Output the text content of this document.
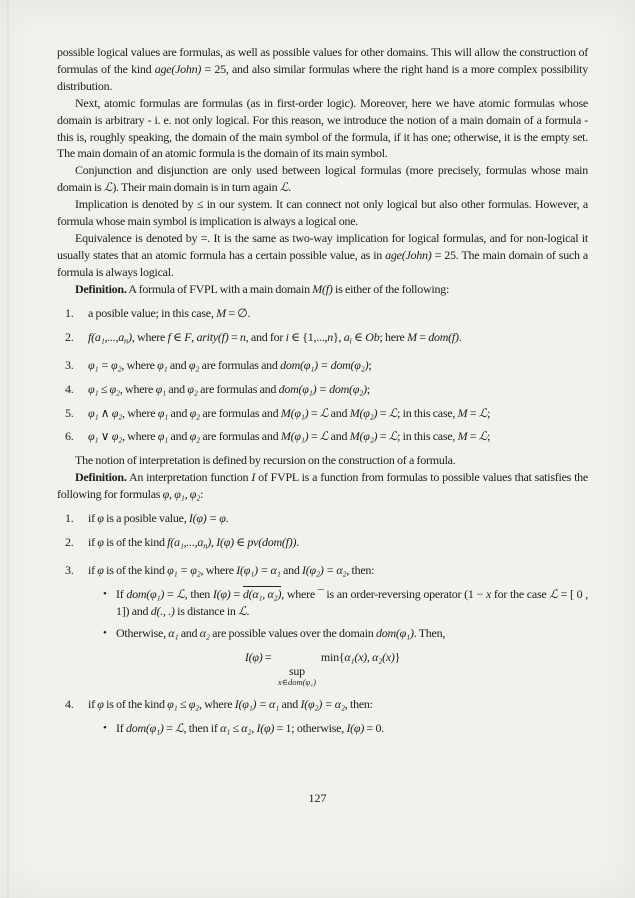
possible logical values are formulas, as well as possible values for other domains. This will allow the construction of formulas of the kind age(John) = 25, and also similar formulas where the right hand is a more complex possibility distribution.
Next, atomic formulas are formulas (as in first-order logic). Moreover, here we have atomic formulas whose domain is arbitrary - i. e. not only logical. For this reason, we introduce the notion of a main domain of a formula - this is, roughly speaking, the domain of the main symbol of the formula, if it has one; otherwise, it is the empty set. The main domain of an atomic formula is the domain of its main symbol.
Conjunction and disjunction are only used between logical formulas (more precisely, formulas whose main domain is ℒ). Their main domain is in turn again ℒ.
Implication is denoted by ≤ in our system. It can connect not only logical but also other formulas. However, a formula whose main symbol is implication is always a logical one.
Equivalence is denoted by =. It is the same as two-way implication for logical formulas, and for non-logical it usually states that an atomic formula has a certain possible value, as in age(John) = 25. The main domain of such a formula is always logical.
Definition. A formula of FVPL with a main domain M(f) is either of the following:
1.	a posible value; in this case, M = ∅.
2.	f(a₁,...,an), where f ∈ F, arity(f) = n, and for i ∈ {1,...,n}, ai ∈ Ob; here M = dom(f).
3.	φ₁ = φ₂, where φ₁ and φ₂ are formulas and dom(φ₁) = dom(φ₂);
4.	φ₁ ≤ φ₂, where φ₁ and φ₂ are formulas and dom(φ₁) = dom(φ₂);
5.	φ₁ ∧ φ₂, where φ₁ and φ₂ are formulas and M(φ₁) = ℒ and M(φ₂) = ℒ; in this case, M = ℒ;
6.	φ₁ ∨ φ₂, where φ₁ and φ₂ are formulas and M(φ₁) = ℒ and M(φ₂) = ℒ; in this case, M = ℒ;
The notion of interpretation is defined by recursion on the construction of a formula.
Definition. An interpretation function I of FVPL is a function from formulas to possible values that satisfies the following for formulas φ, φ₁, φ₂:
1.	if φ is a posible value, I(φ) = φ.
2.	if φ is of the kind f(a₁,...,an), I(φ) ∈ pv(dom(f)).
3.	if φ is of the kind φ₁ = φ₂, where I(φ₁) = α₁ and I(φ₂) = α₂, then:
• If dom(φ₁) = ℒ, then I(φ) = d(α₁, α₂), where ¯ is an order-reversing operator (1 − x for the case ℒ = [ 0 , 1]) and d(., .) is distance in ℒ.
• Otherwise, α₁ and α₂ are possible values over the domain dom(φ₁). Then,
I(φ) =
sup
x∈dom(φ₁)
min{α₁(x), α₂(x)}
4.	if φ is of the kind φ₁ ≤ φ₂, where I(φ₁) = α₁ and I(φ₂) = α₂, then:
• If dom(φ₁) = ℒ, then if α₁ ≤ α₂, I(φ) = 1; otherwise, I(φ) = 0.
127
